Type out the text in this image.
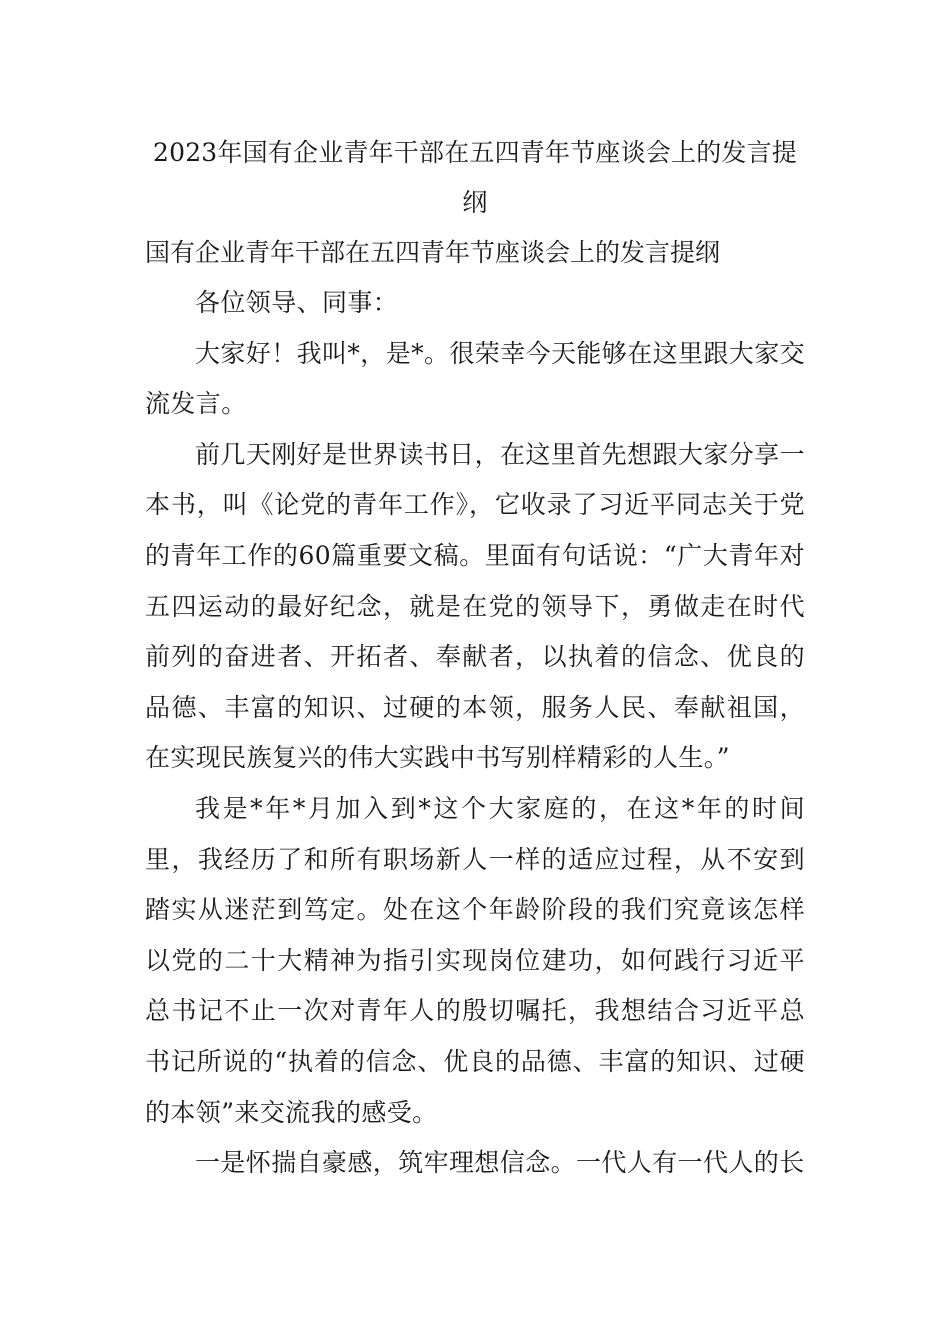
2023年国有企业青年干部在五四青年节座谈会上的发言提纲
国有企业青年干部在五四青年节座谈会上的发言提纲

各位领导、同事：

大家好！我叫*，是*。很荣幸今天能够在这里跟大家交流发言。

前几天刚好是世界读书日，在这里首先想跟大家分享一本书，叫《论党的青年工作》，它收录了习近平同志关于党的青年工作的60篇重要文稿。里面有句话说：“广大青年对五四运动的最好纪念，就是在党的领导下，勇做走在时代前列的奋进者、开拓者、奉献者，以执着的信念、优良的品德、丰富的知识、过硬的本领，服务人民、奉献祖国，在实现民族复兴的伟大实践中书写别样精彩的人生。”

我是*年*月加入到*这个大家庭的，在这*年的时间里，我经历了和所有职场新人一样的适应过程，从不安到踏实从迷茫到笃定。处在这个年龄阶段的我们究竟该怎样以党的二十大精神为指引实现岗位建功，如何践行习近平总书记不止一次对青年人的殷切嘱托，我想结合习近平总书记所说的“执着的信念、优良的品德、丰富的知识、过硬的本领”来交流我的感受。

一是怀揣自豪感，筑牢理想信念。一代人有一代人的长
